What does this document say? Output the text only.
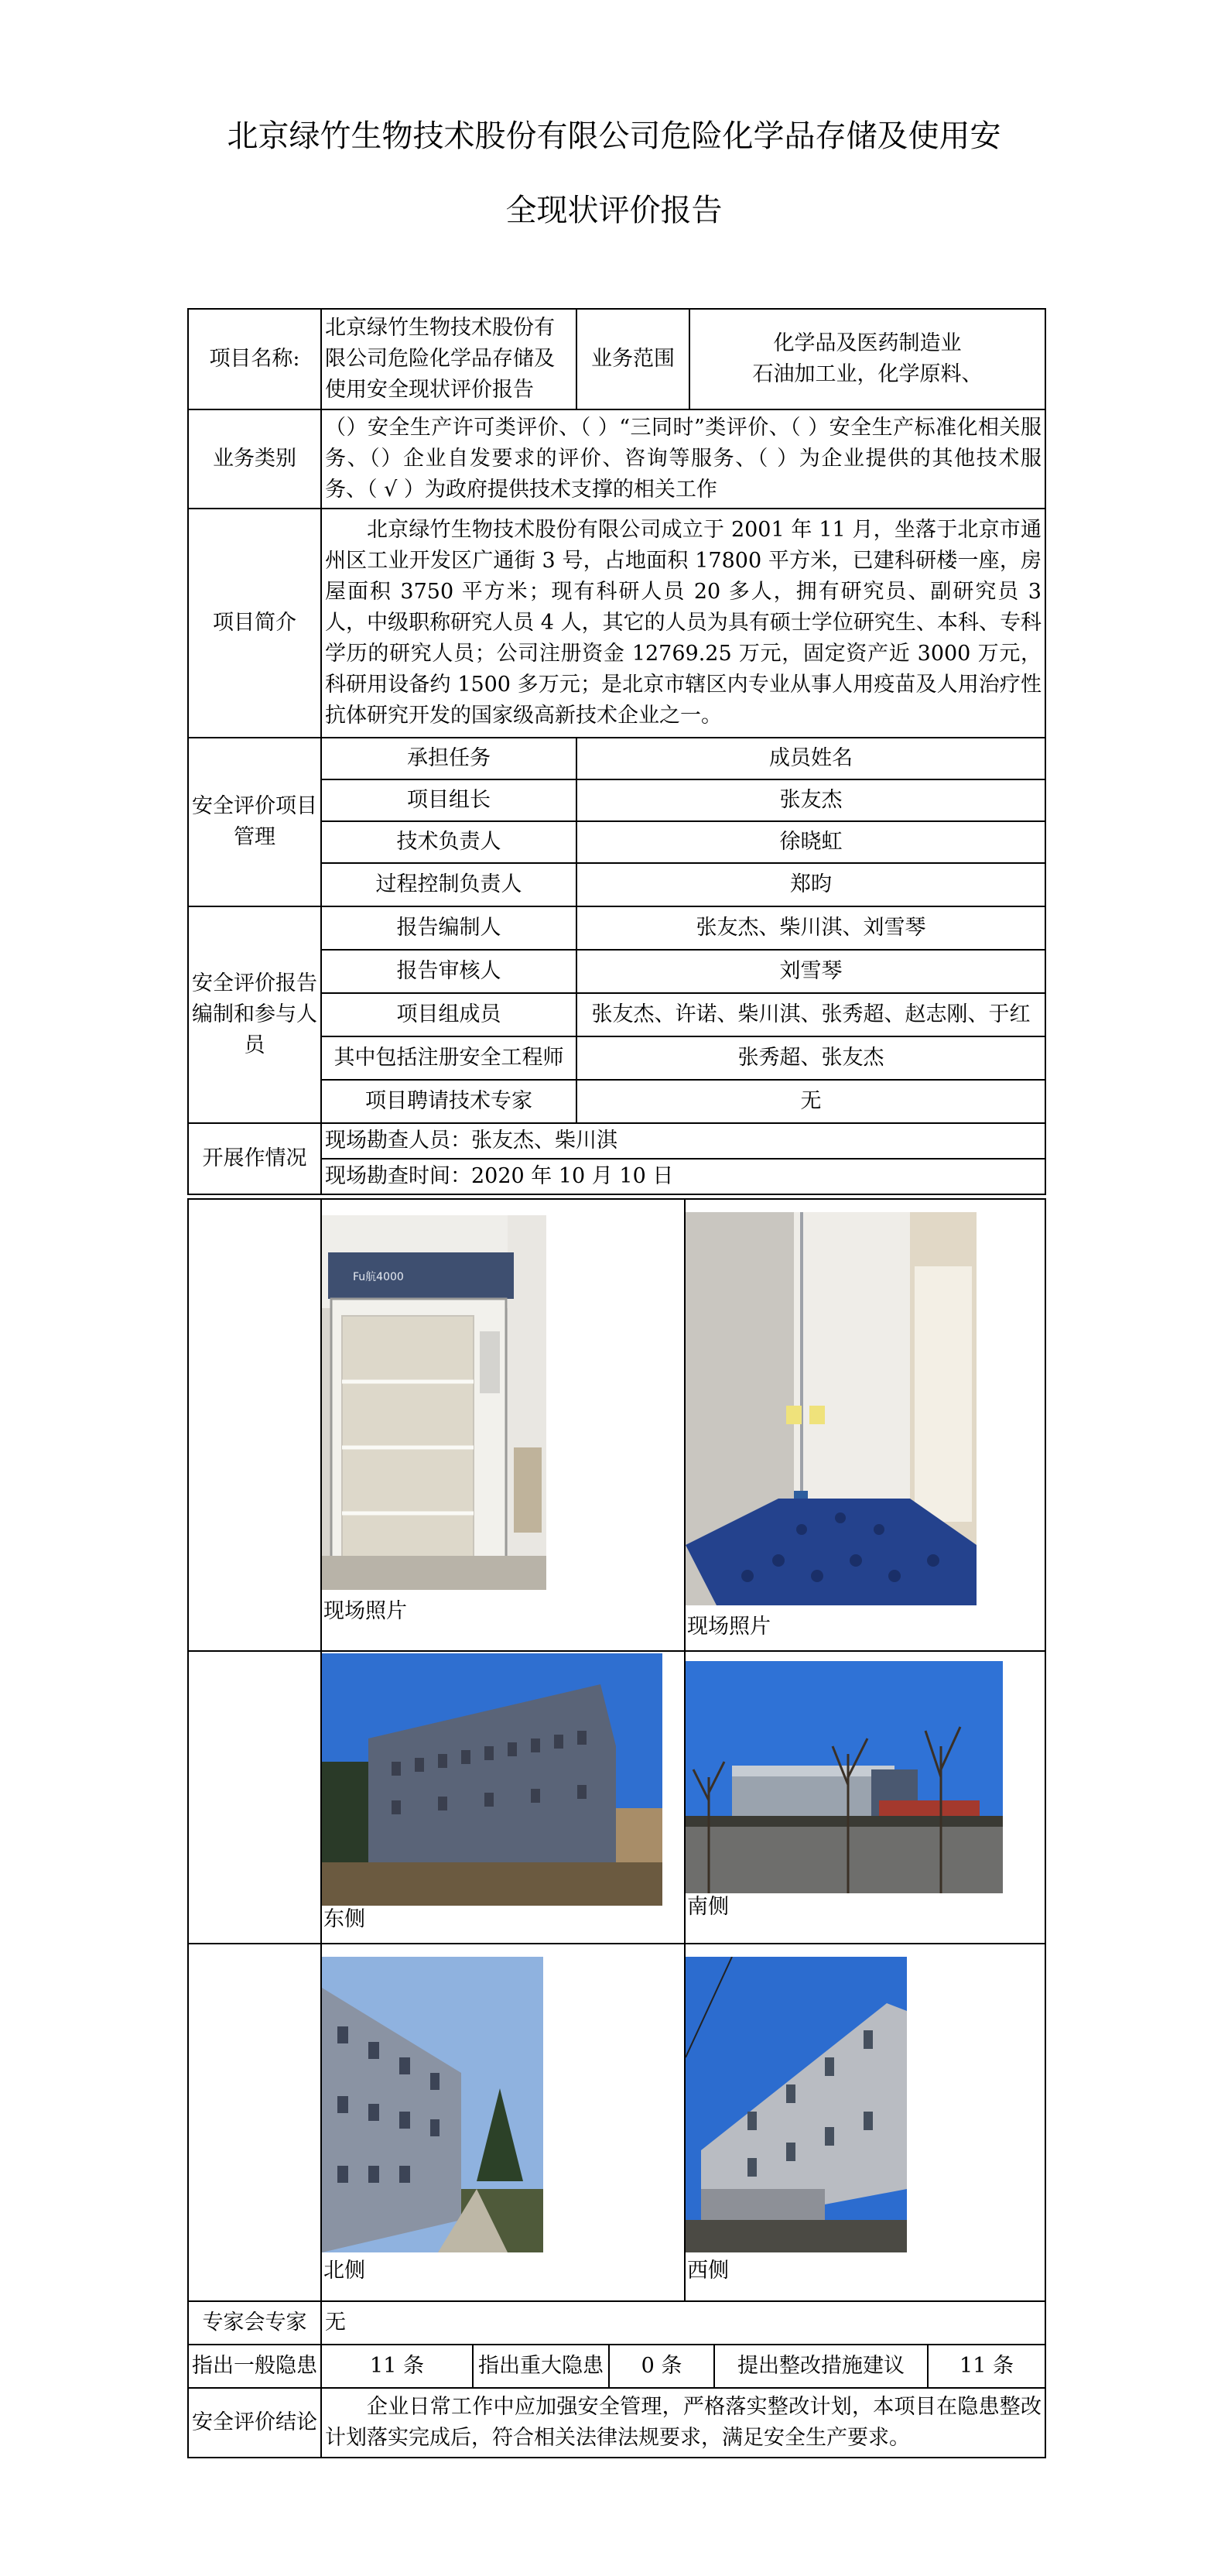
北京绿竹生物技术股份有限公司危险化学品存储及使用安
全现状评价报告
项目名称:	北京绿竹生物技术股份有限公司危险化学品存储及使用安全现状评价报告	业务范围	化学品及医药制造业
石油加工业，化学原料、

业务类别	（）安全生产许可类评价、（ ）“三同时”类评价、（ ）安全生产标准化相关服务、（）企业自发要求的评价、咨询等服务、（ ）为企业提供的其他技术服务、（ √ ）为政府提供技术支撑的相关工作		
项目简介	北京绿竹生物技术股份有限公司成立于 2001 年 11 月，坐落于北京市通州区工业开发区广通街 3 号，占地面积 17800 平方米，已建科研楼一座，房屋面积 3750 平方米；现有科研人员 20 多人，拥有研究员、副研究员 3 人，中级职称研究人员 4 人，其它的人员为具有硕士学位研究生、本科、专科学历的研究人员；公司注册资金 12769.25 万元，固定资产近 3000 万元，科研用设备约 1500 多万元；是北京市辖区内专业从事人用疫苗及人用治疗性抗体研究开发的国家级高新技术企业之一。		
安全评价项目管理	承担任务	成员姓名	
	项目组长	张友杰	
	技术负责人	徐晓虹	
	过程控制负责人	郑昀	
安全评价报告编制和参与人员	报告编制人	张友杰、柴川淇、刘雪琴	
	报告审核人	刘雪琴	
	项目组成员	张友杰、许诺、柴川淇、张秀超、赵志刚、于红	
	其中包括注册安全工程师	张秀超、张友杰	
	项目聘请技术专家	无	
开展作情况	现场勘查人员：张友杰、柴川淇		
	现场勘查时间：2020 年 10 月 10 日		

Fu航4000
现场照片	现场照片

	东侧	南侧

	北侧	西侧
专家会专家	无				
指出一般隐患	11 条	指出重大隐患	0 条	提出整改措施建议	11 条
安全评价结论	企业日常工作中应加强安全管理，严格落实整改计划，本项目在隐患整改计划落实完成后，符合相关法律法规要求，满足安全生产要求。				
